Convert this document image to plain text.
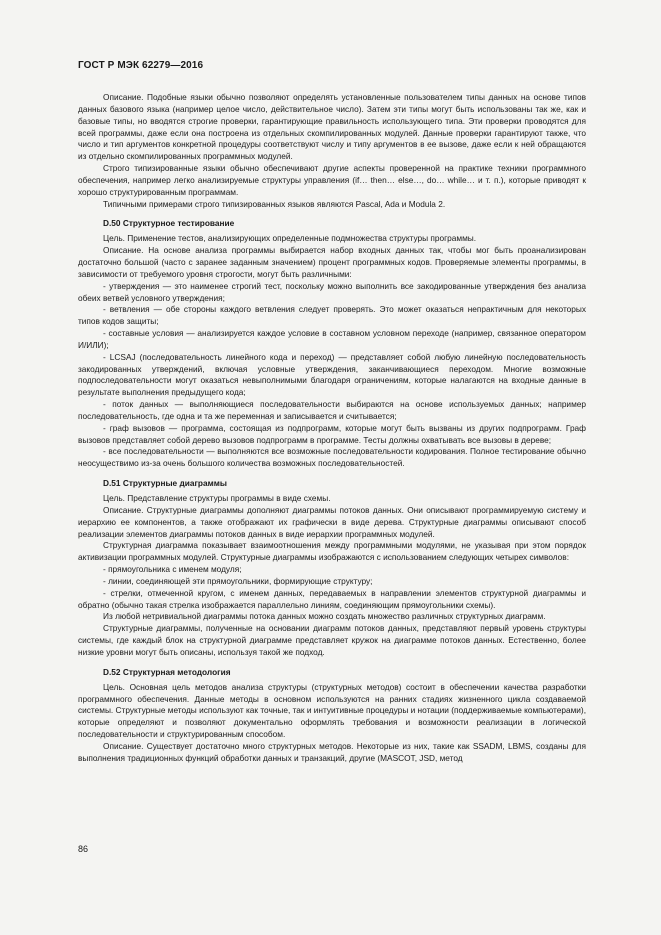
ГОСТ Р МЭК 62279—2016

Описание. Подобные языки обычно позволяют определять установленные пользователем типы данных на основе типов данных базового языка (например целое число, действительное число). Затем эти типы могут быть использованы так же, как и базовые типы, но вводятся строгие проверки, гарантирующие правильность использующего типа. Эти проверки проводятся для всей программы, даже если она построена из отдельных скомпилированных модулей. Данные проверки гарантируют также, что число и тип аргументов конкретной процедуры соответствуют числу и типу аргументов в ее вызове, даже если к ней обращаются из отдельно скомпилированных программных модулей.

Строго типизированные языки обычно обеспечивают другие аспекты проверенной на практике техники программного обеспечения, например легко анализируемые структуры управления (if… then… else…, do… while… и т. п.), которые приводят к хорошо структурированным программам.

Типичными примерами строго типизированных языков являются Pascal, Ada и Modula 2.

D.50 Структурное тестирование

Цель. Применение тестов, анализирующих определенные подмножества структуры программы.

Описание. На основе анализа программы выбирается набор входных данных так, чтобы мог быть проанализирован достаточно большой (часто с заранее заданным значением) процент программных кодов. Проверяемые элементы программы, в зависимости от требуемого уровня строгости, могут быть различными:

- утверждения — это наименее строгий тест, поскольку можно выполнить все закодированные утверждения без анализа обеих ветвей условного утверждения;

- ветвления — обе стороны каждого ветвления следует проверять. Это может оказаться непрактичным для некоторых типов кодов защиты;

- составные условия — анализируется каждое условие в составном условном переходе (например, связанное оператором И/ИЛИ);

- LCSAJ (последовательность линейного кода и переход) — представляет собой любую линейную последовательность закодированных утверждений, включая условные утверждения, заканчивающиеся переходом. Многие возможные подпоследовательности могут оказаться невыполнимыми благодаря ограничениям, которые налагаются на входные данные в результате выполнения предыдущего кода;

- поток данных — выполняющиеся последовательности выбираются на основе используемых данных; например последовательность, где одна и та же переменная и записывается и считывается;

- граф вызовов — программа, состоящая из подпрограмм, которые могут быть вызваны из других подпрограмм. Граф вызовов представляет собой дерево вызовов подпрограмм в программе. Тесты должны охватывать все вызовы в дереве;

- все последовательности — выполняются все возможные последовательности кодирования. Полное тестирование обычно неосуществимо из-за очень большого количества возможных последовательностей.

D.51 Структурные диаграммы

Цель. Представление структуры программы в виде схемы.

Описание. Структурные диаграммы дополняют диаграммы потоков данных. Они описывают программируемую систему и иерархию ее компонентов, а также отображают их графически в виде дерева. Структурные диаграммы описывают способ реализации элементов диаграммы потоков данных в виде иерархии программных модулей.

Структурная диаграмма показывает взаимоотношения между программными модулями, не указывая при этом порядок активизации программных модулей. Структурные диаграммы изображаются с использованием следующих четырех символов:

- прямоугольника с именем модуля;

- линии, соединяющей эти прямоугольники, формирующие структуру;

- стрелки, отмеченной кругом, с именем данных, передаваемых в направлении элементов структурной диаграммы и обратно (обычно такая стрелка изображается параллельно линиям, соединяющим прямоугольники схемы).

Из любой нетривиальной диаграммы потока данных можно создать множество различных структурных диаграмм.

Структурные диаграммы, полученные на основании диаграмм потоков данных, представляют первый уровень структуры системы, где каждый блок на структурной диаграмме представляет кружок на диаграмме потоков данных. Естественно, более низкие уровни могут быть описаны, используя такой же подход.

D.52 Структурная методология

Цель. Основная цель методов анализа структуры (структурных методов) состоит в обеспечении качества разработки программного обеспечения. Данные методы в основном используются на ранних стадиях жизненного цикла создаваемой системы. Структурные методы используют как точные, так и интуитивные процедуры и нотации (поддерживаемые компьютерами), которые определяют и позволяют документально оформлять требования и возможности реализации в логической последовательности и структурированным способом.

Описание. Существует достаточно много структурных методов. Некоторые из них, такие как SSADM, LBMS, созданы для выполнения традиционных функций обработки данных и транзакций, другие (MASCOT, JSD, метод

86
